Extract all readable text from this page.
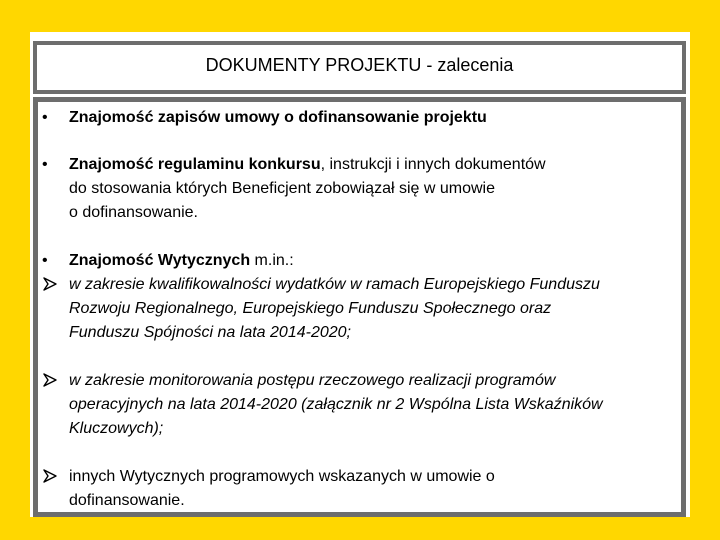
DOKUMENTY PROJEKTU - zalecenia
• Znajomość zapisów umowy o dofinansowanie projektu
• Znajomość regulaminu konkursu, instrukcji i innych dokumentów
do stosowania których Beneficjent zobowiązał się w umowie
o dofinansowanie.
• Znajomość Wytycznych m.in.:
w zakresie kwalifikowalności wydatków w ramach Europejskiego Funduszu
Rozwoju Regionalnego, Europejskiego Funduszu Społecznego oraz
Funduszu Spójności na lata 2014-2020;
w zakresie monitorowania postępu rzeczowego realizacji programów
operacyjnych na lata 2014-2020 (załącznik nr 2 Wspólna Lista Wskaźników
Kluczowych);
innych Wytycznych programowych wskazanych w umowie o
dofinansowanie.
